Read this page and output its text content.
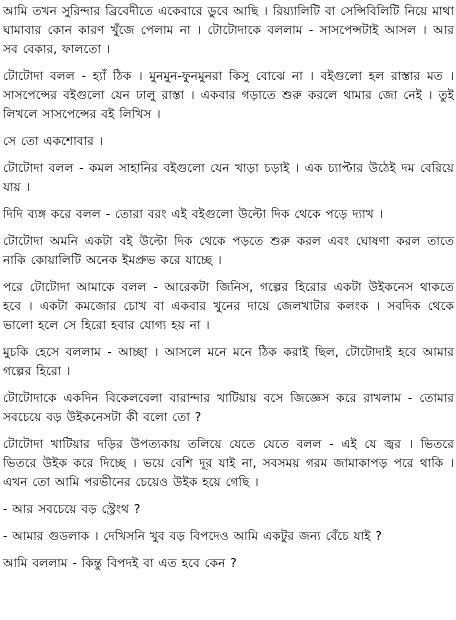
আমি তখন সুরিন্দার ব্রিবেদীতে একেবারে ডুবে আছি । রিয়্যালিটি বা সেন্সিবিলিটি নিয়ে মাথা ঘামাবার কোন কারণ খুঁজে পেলাম না । টোটোদাকে বললাম - সাসপেন্সটাই আসল । আর সব বেকার, ফালতো ।

টোটোদা বলল - হ্যাঁ ঠিক । মুনমুন-ফুনমুনরা কিসু বোঝে না । বইগুলো হল রাস্তার মত । সাসপেন্সের বইগুলো যেন ঢালু রাস্তা । একবার গড়াতে শুরু করলে থামার জো নেই । তুই লিখলে সাসপেন্সের বই লিখিস ।

সে তো একশোবার ।

টোটোদা বলল - কমল সাহানির বইগুলো যেন খাড়া চড়াই । এক চ্যাপ্টার উঠেই দম বেরিয়ে যায় ।

দিদি ব্যঙ্গ করে বলল - তোরা বরং এই বইগুলো উল্টো দিক থেকে পড়ে দ্যাখ ।

টোটোদা অমনি একটা বই উল্টো দিক থেকে পড়তে শুরু করল এবং ঘোষণা করল তাতে নাকি কোয়ালিটি অনেক ইমপ্রুভ করে যাচ্ছে ।

পরে টোটোদা আমাকে বলল - আরেকটা জিনিস, গল্পের হিরোর একটা উইকনেস থাকতে হবে । একটা কমজোর চোখ বা একবার খুনের দায়ে জেলখাটার কলংক । সবদিক থেকে ভালো হলে সে হিরো হবার যোগ্য হয় না ।

মুচকি হেসে বললাম - আচ্ছা । আসলে মনে মনে ঠিক করাই ছিল, টোটোদাই হবে আমার গল্পের হিরো ।

টোটোদাকে একদিন বিকেলবেলা বারান্দার খাটিয়ায় বসে জিজ্ঞেস করে রাখলাম - তোমার সবচেয়ে বড় উইকনেসটা কী বলো তো ?

টোটোদা খাটিয়ার দড়ির উপত্যকায় তলিয়ে যেতে যেতে বলল - এই যে জ্বর । ভিতরে ভিতরে উইক করে দিচ্ছে । ভয়ে বেশি দূর যাই না, সবসময় গরম জামাকাপড় পরে থাকি । এখন তো আমি পরভীনের চেয়েও উইক হয়ে গেছি ।

- আর সবচেয়ে বড় স্ট্রেংথ ?

- আমার গুডলাক । দেখিসনি খুব বড় বিপদেও আমি একটুর জন্য বেঁচে যাই ?

আমি বললাম - কিন্তু বিপদই বা এত হবে কেন ?
